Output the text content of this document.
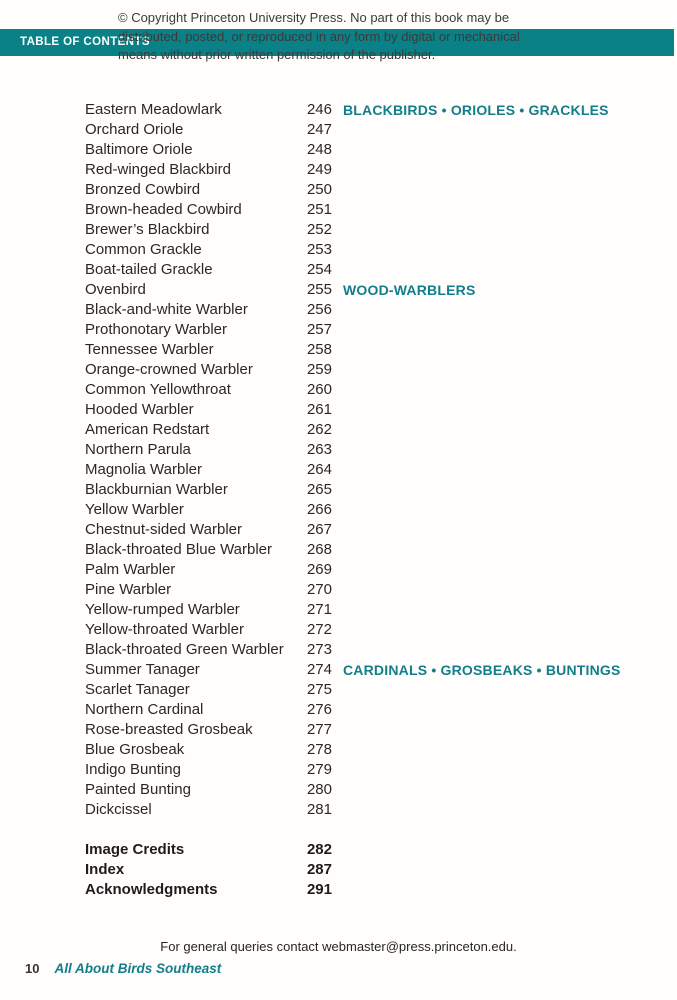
© Copyright Princeton University Press. No part of this book may be
distributed, posted, or reproduced in any form by digital or mechanical
means without prior written permission of the publisher.
TABLE OF CONTENTS
Eastern Meadowlark	246 BLACKBIRDS • ORIOLES • GRACKLES
Orchard Oriole	247
Baltimore Oriole	248
Red-winged Blackbird	249
Bronzed Cowbird	250
Brown-headed Cowbird	251
Brewer’s Blackbird	252
Common Grackle	253
Boat-tailed Grackle	254
Ovenbird	255 WOOD-WARBLERS
Black-and-white Warbler	256
Prothonotary Warbler	257
Tennessee Warbler	258
Orange-crowned Warbler	259
Common Yellowthroat	260
Hooded Warbler	261
American Redstart	262
Northern Parula	263
Magnolia Warbler	264
Blackburnian Warbler	265
Yellow Warbler	266
Chestnut-sided Warbler	267
Black-throated Blue Warbler	268
Palm Warbler	269
Pine Warbler	270
Yellow-rumped Warbler	271
Yellow-throated Warbler	272
Black-throated Green Warbler	273
Summer Tanager	274 CARDINALS • GROSBEAKS • BUNTINGS
Scarlet Tanager	275
Northern Cardinal	276
Rose-breasted Grosbeak	277
Blue Grosbeak	278
Indigo Bunting	279
Painted Bunting	280
Dickcissel	281
Image Credits	282
Index	287
Acknowledgments	291
For general queries contact webmaster@press.princeton.edu.
10 All About Birds Southeast
